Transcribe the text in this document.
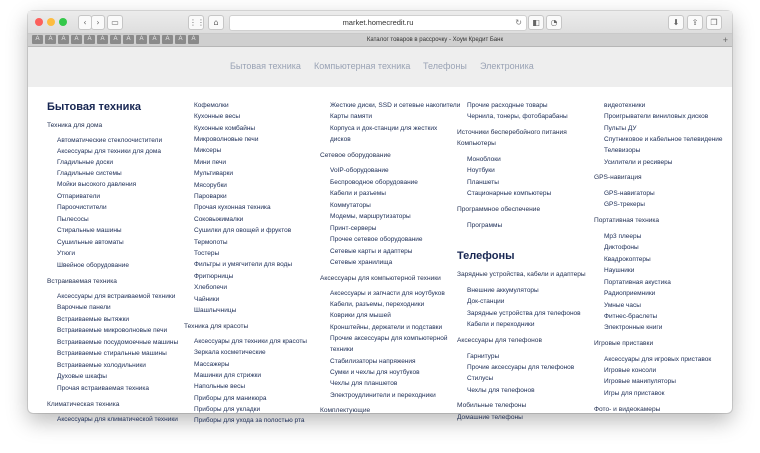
‹	›	▭	⋮⋮	⌂	market.homecredit.ru	↻	◧	◔	⬇	⇪	❐
A	A	A	A	A	A	A	A	A	A	A	A	A	Каталог товаров в рассрочку - Хоум Кредит Банк	+
Бытовая техника Компьютерная техника Телефоны Электроника
Бытовая техника
Техника для дома
Автоматические стеклоочистители
Аксессуары для техники для дома
Гладильные доски
Гладильные системы
Мойки высокого давления
Отпариватели
Пароочистители
Пылесосы
Стиральные машины
Сушильные автоматы
Утюги
Швейное оборудование
Встраиваемая техника
Аксессуары для встраиваемой техники
Варочные панели
Встраиваемые вытяжки
Встраиваемые микроволновые печи
Встраиваемые посудомоечные машины
Встраиваемые стиральные машины
Встраиваемые холодильники
Духовые шкафы
Прочая встраиваемая техника
Климатическая техника
Аксессуары для климатической техники
Кофемолки
Кухонные весы
Кухонные комбайны
Микроволновые печи
Миксеры
Мини печи
Мультиварки
Мясорубки
Пароварки
Прочая кухонная техника
Соковыжималки
Сушилки для овощей и фруктов
Термопоты
Тостеры
Фильтры и умягчители для воды
Фритюрницы
Хлебопечи
Чайники
Шашлычницы
Техника для красоты
Аксессуары для техники для красоты
Зеркала косметические
Массажеры
Машинки для стрижки
Напольные весы
Приборы для маникюра
Приборы для укладки
Приборы для ухода за полостью рта
Жесткие диски, SSD и сетевые накопители
Карты памяти
Корпуса и док-станции для жестких
дисков
Сетевое оборудование
VoIP-оборудование
Беспроводное оборудование
Кабели и разъемы
Коммутаторы
Модемы, маршрутизаторы
Принт-серверы
Прочее сетевое оборудование
Сетевые карты и адаптеры
Сетевые хранилища
Аксессуары для компьютерной техники
Аксессуары и запчасти для ноутбуков
Кабели, разъемы, переходники
Коврики для мышей
Кронштейны, держатели и подставки
Прочие аксессуары для компьютерной
техники
Стабилизаторы напряжения
Сумки и чехлы для ноутбуков
Чехлы для планшетов
Электроудлинители и переходники
Комплектующие
Прочие расходные товары
Чернила, тонеры, фотобарабаны
Источники бесперебойного питания
Компьютеры
Моноблоки
Ноутбуки
Планшеты
Стационарные компьютеры
Программное обеспечение
Программы
Телефоны
Зарядные устройства, кабели и адаптеры
Внешние аккумуляторы
Док-станции
Зарядные устройства для телефонов
Кабели и переходники
Аксессуары для телефонов
Гарнитуры
Прочие аксессуары для телефонов
Стилусы
Чехлы для телефонов
Мобильные телефоны
Домашние телефоны
видеотехники
Проигрыватели виниловых дисков
Пульты ДУ
Спутниковое и кабельное телевидение
Телевизоры
Усилители и ресиверы
GPS-навигация
GPS-навигаторы
GPS-трекеры
Портативная техника
Mp3 плееры
Диктофоны
Квадрокоптеры
Наушники
Портативная акустика
Радиоприемники
Умные часы
Фитнес-браслеты
Электронные книги
Игровые приставки
Аксессуары для игровых приставок
Игровые консоли
Игровые манипуляторы
Игры для приставок
Фото- и видеокамеры
